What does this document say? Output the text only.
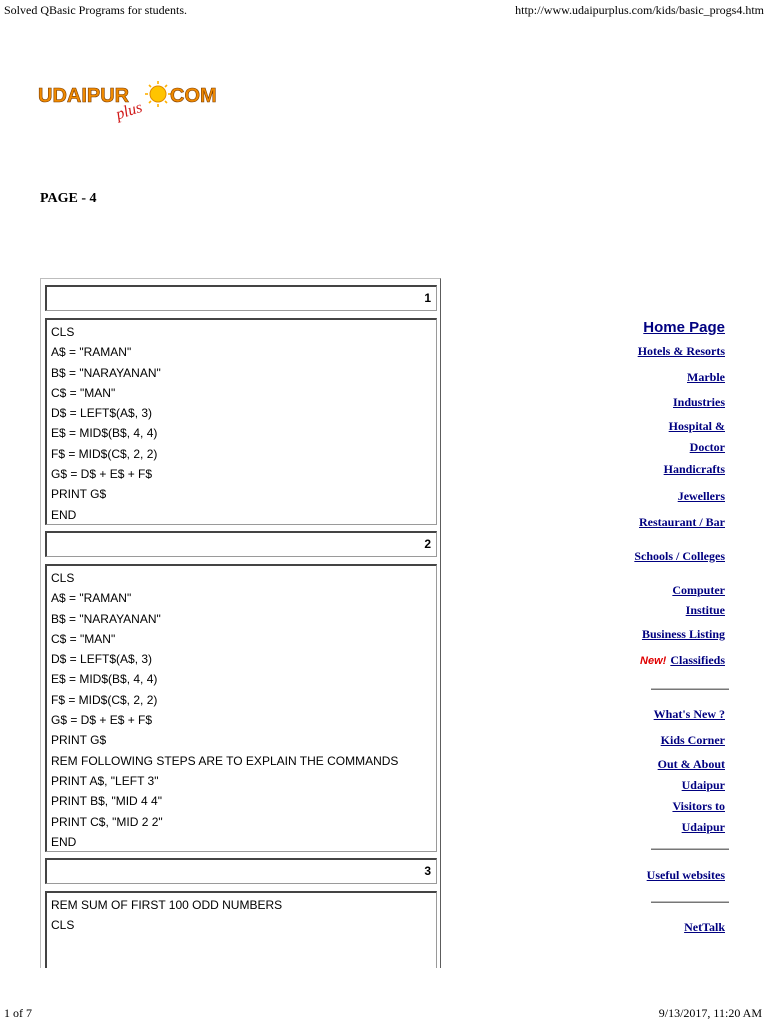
Solved QBasic Programs for students.	http://www.udaipurplus.com/kids/basic_progs4.htm
UDAIPUR
plus
COM
PAGE - 4
1
CLS
A$ = "RAMAN"
B$ = "NARAYANAN"
C$ = "MAN"
D$ = LEFT$(A$, 3)
E$ = MID$(B$, 4, 4)
F$ = MID$(C$, 2, 2)
G$ = D$ + E$ + F$
PRINT G$
END
2
CLS
A$ = "RAMAN"
B$ = "NARAYANAN"
C$ = "MAN"
D$ = LEFT$(A$, 3)
E$ = MID$(B$, 4, 4)
F$ = MID$(C$, 2, 2)
G$ = D$ + E$ + F$
PRINT G$
REM FOLLOWING STEPS ARE TO EXPLAIN THE COMMANDS
PRINT A$, "LEFT 3"
PRINT B$, "MID 4 4"
PRINT C$, "MID 2 2"
END
3
REM SUM OF FIRST 100 ODD NUMBERS
CLS
Home Page
Hotels & Resorts
Marble
Industries
Hospital &
Doctor
Handicrafts
Jewellers
Restaurant / Bar
Schools / Colleges
Computer
Institue
Business Listing
New! Classifieds
What's New ?
Kids Corner
Out & About
Udaipur
Visitors to
Udaipur
Useful websites
NetTalk
1 of 7	9/13/2017, 11:20 AM
